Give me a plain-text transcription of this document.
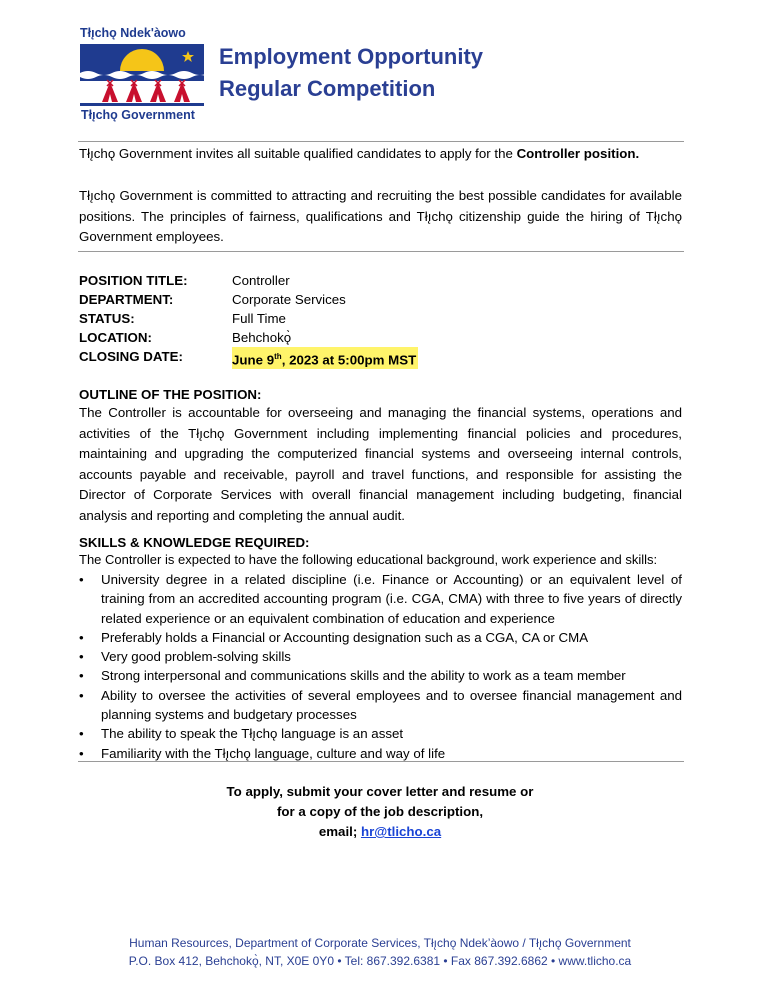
Tłı̨chǫ Ndek'àowo
Tłı̨chǫ Government
Employment Opportunity
Regular Competition
Tłı̨chǫ Government invites all suitable qualified candidates to apply for the Controller position.
Tłı̨chǫ Government is committed to attracting and recruiting the best possible candidates for available positions. The principles of fairness, qualifications and Tłı̨chǫ citizenship guide the hiring of Tłı̨chǫ Government employees.
POSITION TITLE:	Controller
DEPARTMENT:	Corporate Services
STATUS:	Full Time
LOCATION:	Behchokǫ̀
CLOSING DATE:	June 9th, 2023 at 5:00pm MST
OUTLINE OF THE POSITION:
The Controller is accountable for overseeing and managing the financial systems, operations and activities of the Tłı̨chǫ Government including implementing financial policies and procedures, maintaining and upgrading the computerized financial systems and overseeing internal controls, accounts payable and receivable, payroll and travel functions, and responsible for assisting the Director of Corporate Services with overall financial management including budgeting, financial analysis and reporting and completing the annual audit.
SKILLS & KNOWLEDGE REQUIRED:
The Controller is expected to have the following educational background, work experience and skills:
• University degree in a related discipline (i.e. Finance or Accounting) or an equivalent level of training from an accredited accounting program (i.e. CGA, CMA) with three to five years of directly related experience or an equivalent combination of education and experience
• Preferably holds a Financial or Accounting designation such as a CGA, CA or CMA
• Very good problem-solving skills
• Strong interpersonal and communications skills and the ability to work as a team member
• Ability to oversee the activities of several employees and to oversee financial management and planning systems and budgetary processes
• The ability to speak the Tłı̨chǫ language is an asset
• Familiarity with the Tłı̨chǫ language, culture and way of life
To apply, submit your cover letter and resume or
for a copy of the job description,
email; hr@tlicho.ca
Human Resources, Department of Corporate Services, Tłı̨chǫ Ndek’àowo / Tłı̨chǫ Government
P.O. Box 412, Behchokǫ̀, NT, X0E 0Y0 • Tel: 867.392.6381 • Fax 867.392.6862 • www.tlicho.ca
